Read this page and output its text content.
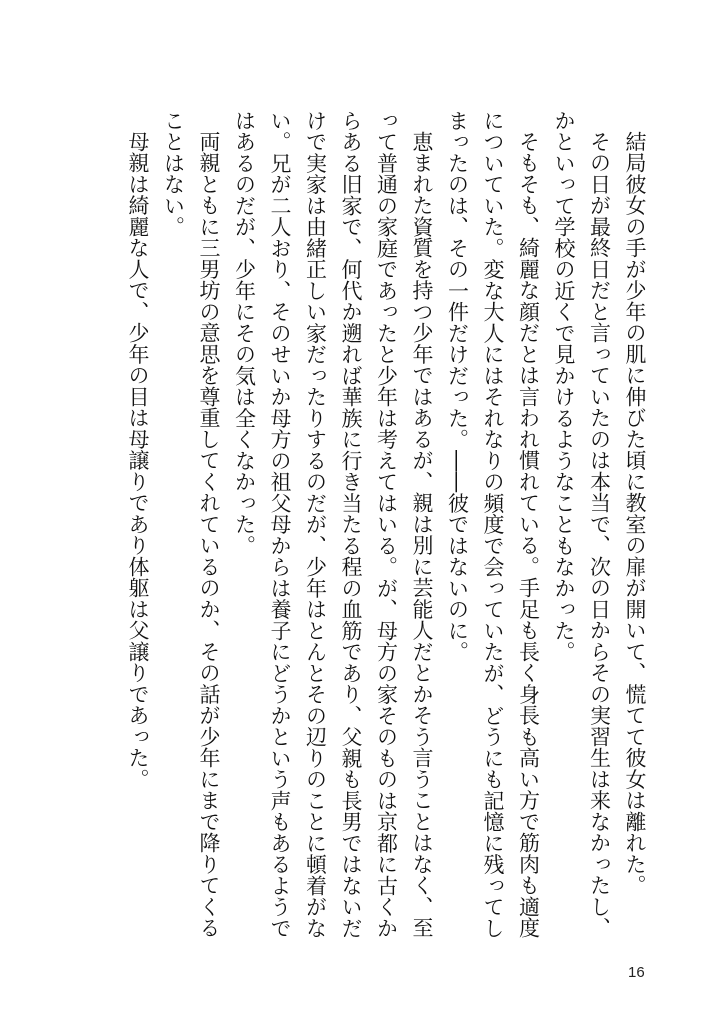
結局彼女の手が少年の肌に伸びた頃に教室の扉が開いて、慌てて彼女は離れた。

その日が最終日だと言っていたのは本当で、次の日からその実習生は来なかったし、かといって学校の近くで見かけるようなこともなかった。

そもそも、綺麗な顔だとは言われ慣れている。手足も長く身長も高い方で筋肉も適度についていた。変な大人にはそれなりの頻度で会っていたが、どうにも記憶に残ってしまったのは、その一件だけだった。――彼ではないのに。

恵まれた資質を持つ少年ではあるが、親は別に芸能人だとかそう言うことはなく、至って普通の家庭であったと少年は考えてはいる。が、母方の家そのものは京都に古くからある旧家で、何代か遡れば華族に行き当たる程の血筋であり、父親も長男ではないだけで実家は由緒正しい家だったりするのだが、少年はとんとその辺りのことに頓着がない。兄が二人おり、そのせいか母方の祖父母からは養子にどうかという声もあるようではあるのだが、少年にその気は全くなかった。

両親ともに三男坊の意思を尊重してくれているのか、その話が少年にまで降りてくることはない。

母親は綺麗な人で、少年の目は母譲りであり体躯は父譲りであった。

16
